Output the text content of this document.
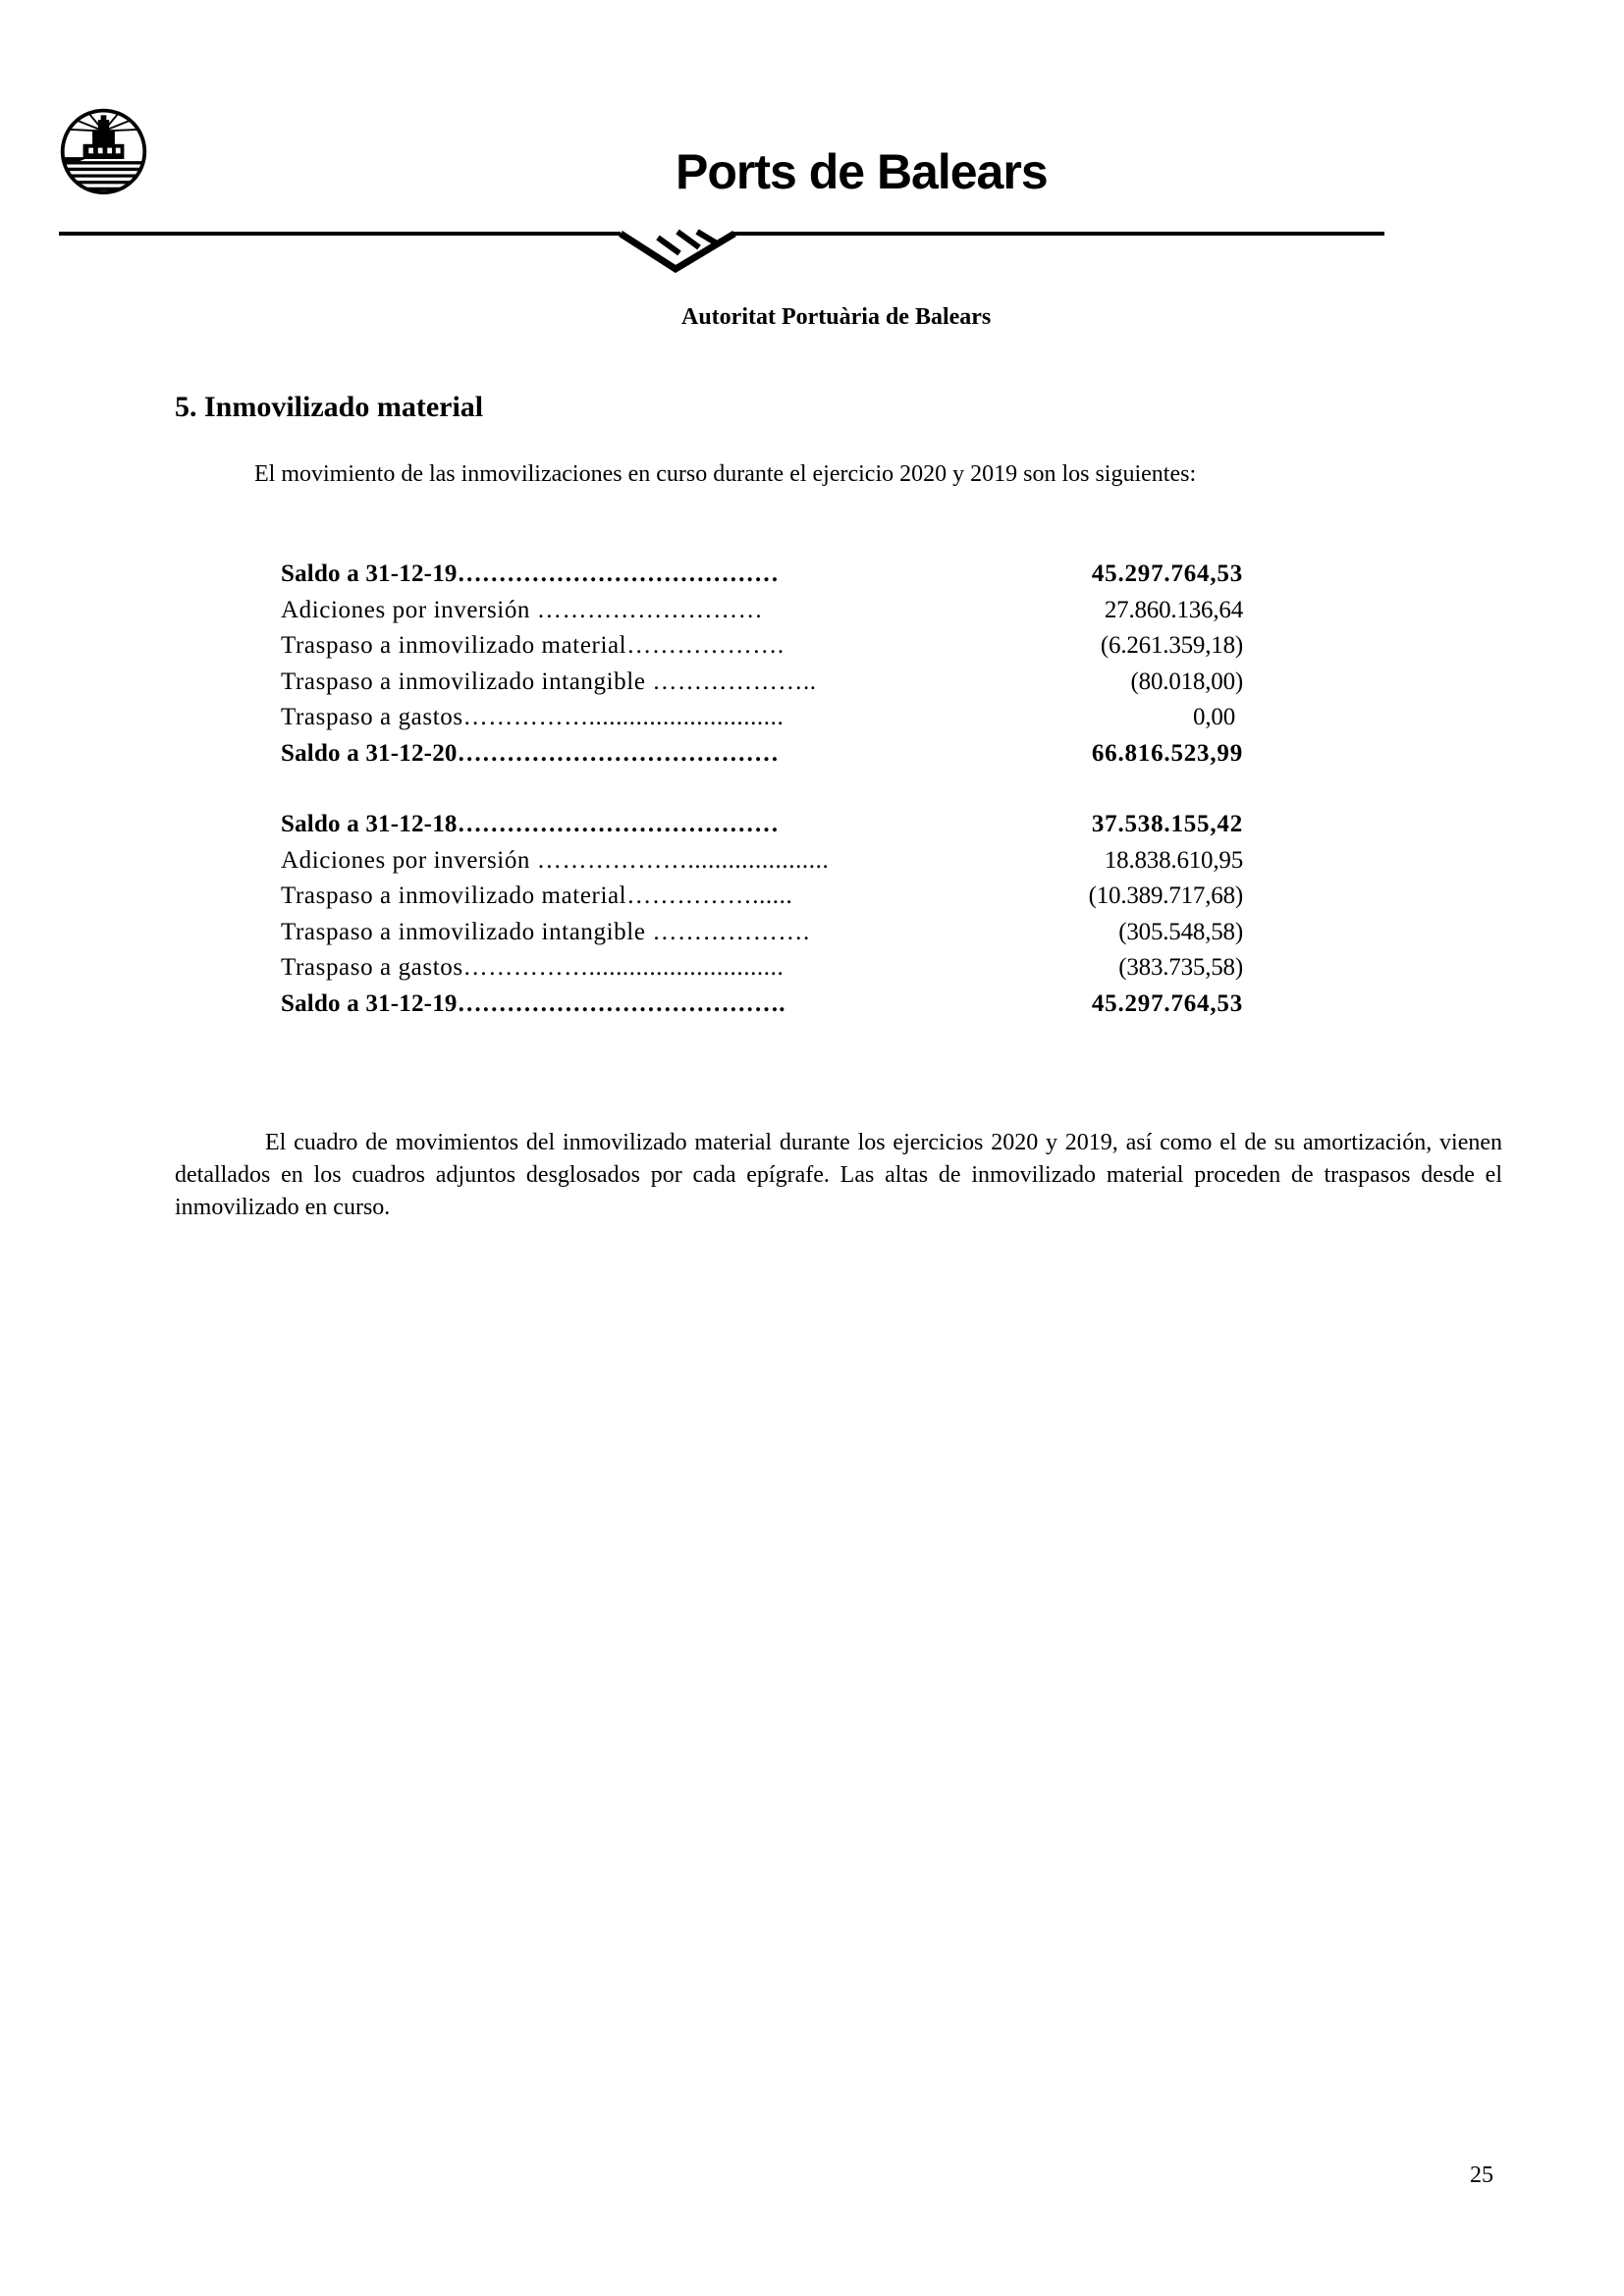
Ports de Balears
Autoritat Portuària de Balears
5. Inmovilizado material
El movimiento de las inmovilizaciones en curso durante el ejercicio 2020 y 2019 son los siguientes:
Saldo a 31-12-19…………………………………	45.297.764,53
Adiciones por inversión ………………………	27.860.136,64
Traspaso a inmovilizado material……………….	(6.261.359,18)
Traspaso a inmovilizado intangible ………………..	(80.018,00)
Traspaso a gastos…………….............................	0,00
Saldo a 31-12-20…………………………………	66.816.523,99
Saldo a 31-12-18…………………………………	37.538.155,42
Adiciones por inversión ……………….....................	18.838.610,95
Traspaso a inmovilizado material……………......	(10.389.717,68)
Traspaso a inmovilizado intangible ……………….	(305.548,58)
Traspaso a gastos…………….............................	(383.735,58)
Saldo a 31-12-19………………………………….	45.297.764,53
El cuadro de movimientos del inmovilizado material durante los ejercicios 2020 y 2019, así como el de su amortización, vienen detallados en los cuadros adjuntos desglosados por cada epígrafe. Las altas de inmovilizado material proceden de traspasos desde el inmovilizado en curso.
25
